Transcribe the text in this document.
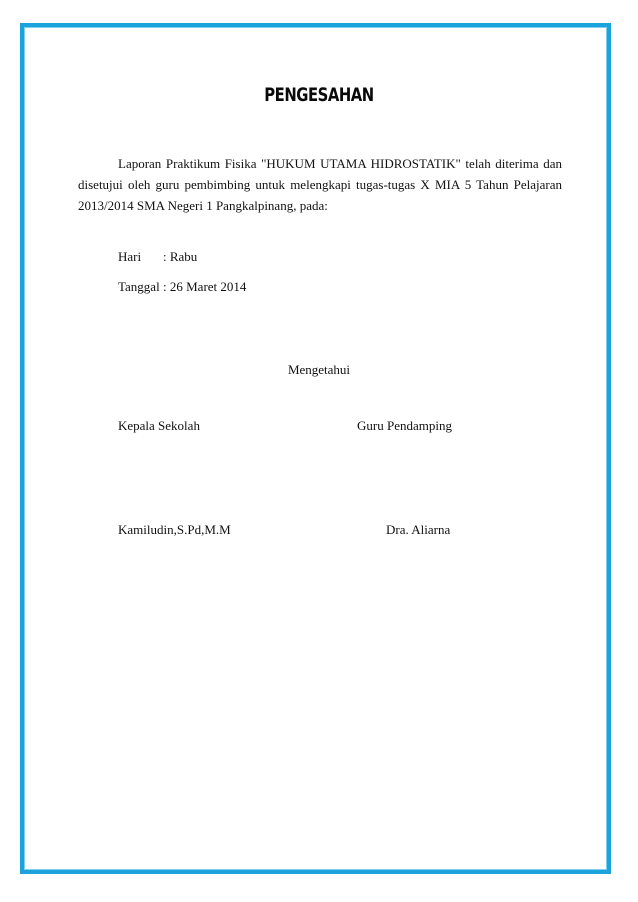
PENGESAHAN

Laporan Praktikum Fisika "HUKUM UTAMA HIDROSTATIK" telah diterima dan disetujui oleh guru pembimbing untuk melengkapi tugas-tugas X MIA 5 Tahun Pelajaran 2013/2014 SMA Negeri 1 Pangkalpinang, pada:

Hari : Rabu
Tanggal : 26 Maret 2014
Mengetahui
Kepala Sekolah	Guru Pendamping
Kamiludin,S.Pd,M.M	Dra. Aliarna
